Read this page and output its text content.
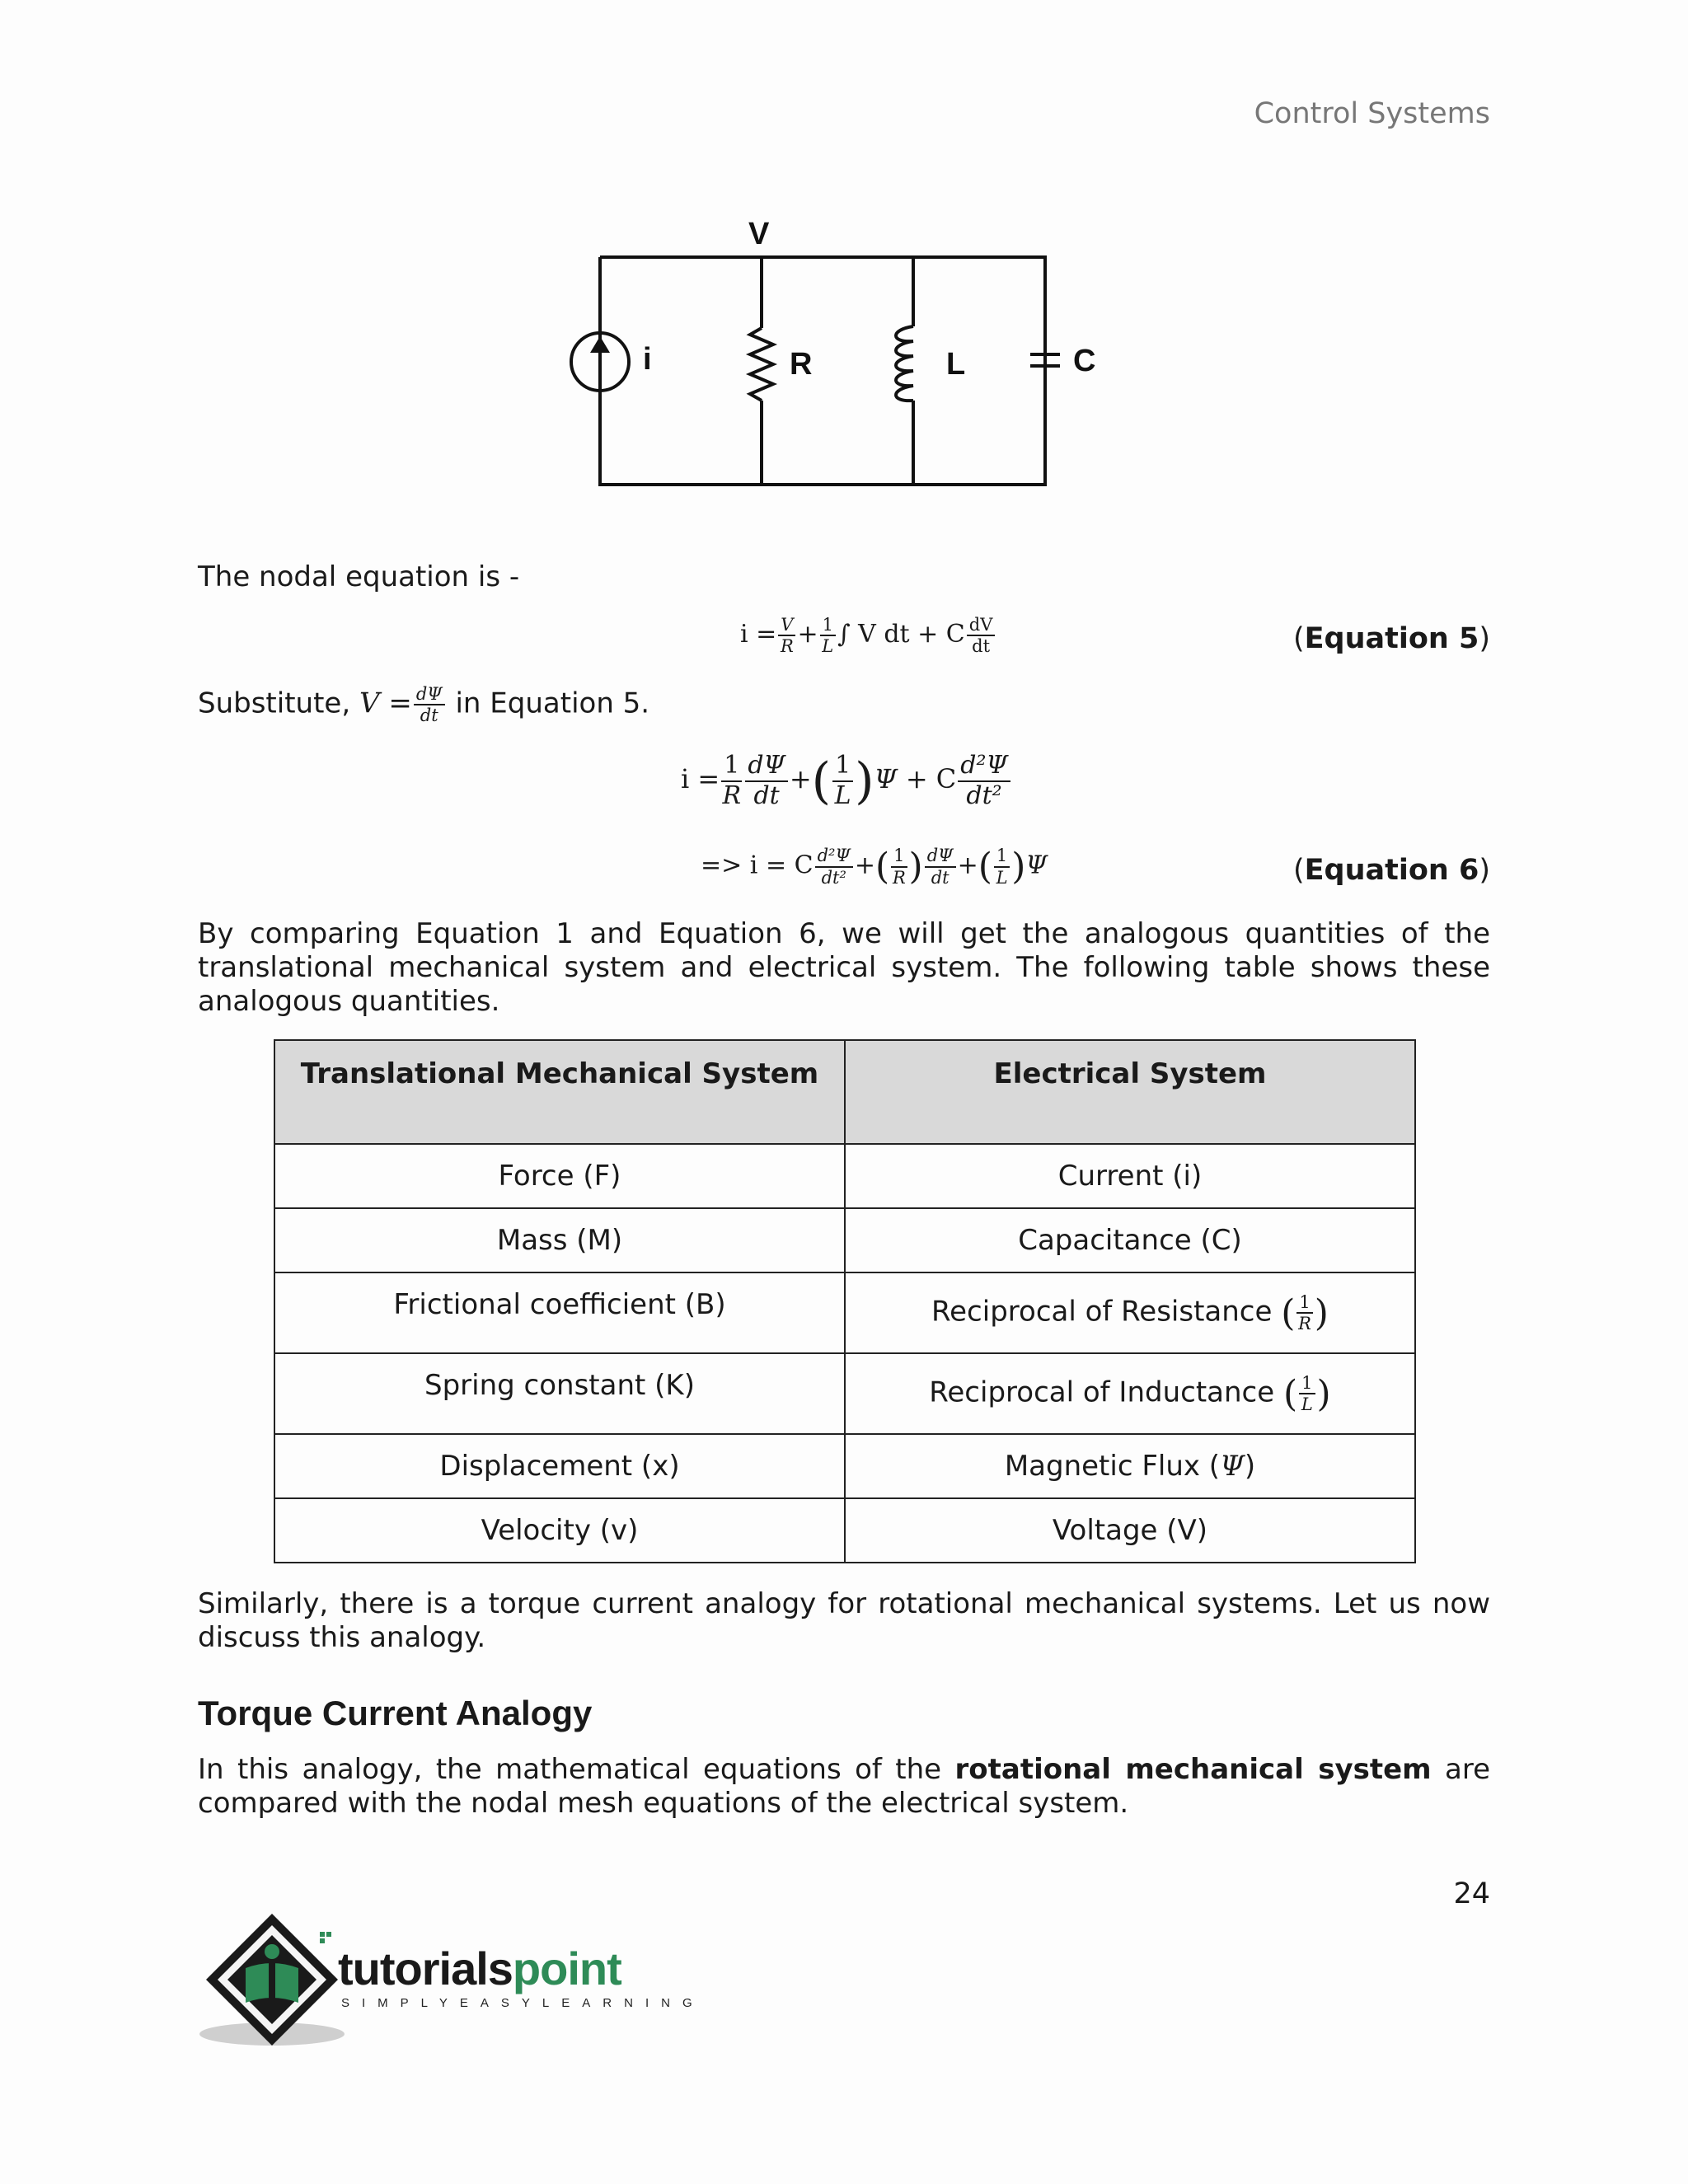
Control Systems
V
i	R	L	C
The nodal equation is -
$i = \frac{V}{R} + \frac{1}{L}$ ∫ V dt + C $\frac{dV}{dt}$	(Equation 5)
Substitute, $V = \frac{d\Psi}{dt}$ in Equation 5.
$i = \frac{1}{R} \frac{d\Psi}{dt}$ +( $\frac{1}{L} )\Psi + C \frac{\text{d²Ψ}}{\text{dt²}}$
=> i = C $\frac{\text{d²Ψ}}{\text{dt²}}$ +( $\frac{1}{R}$ ) $\frac{d\Psi}{dt}$ +( $\frac{1}{L} )\Psi$	(Equation 6)
By comparing Equation 1 and Equation 6, we will get the analogous quantities of the translational mechanical system and electrical system. The following table shows these analogous quantities.
Translational Mechanical System	Electrical System
Force (F)	Current (i)
Mass (M)	Capacitance (C)
Frictional coefficient (B)	Reciprocal of Resistance ( $\frac{1}{R}$ )
Spring constant (K)	Reciprocal of Inductance ( $\frac{1}{L}$ )
Displacement (x)	Magnetic Flux (Ψ)
Velocity (v)	Voltage (V)
Similarly, there is a torque current analogy for rotational mechanical systems. Let us now discuss this analogy.
Torque Current Analogy
In this analogy, the mathematical equations of the rotational mechanical system are compared with the nodal mesh equations of the electrical system.
24
tutorialspoint
SIMPLYEASYLEARNING
